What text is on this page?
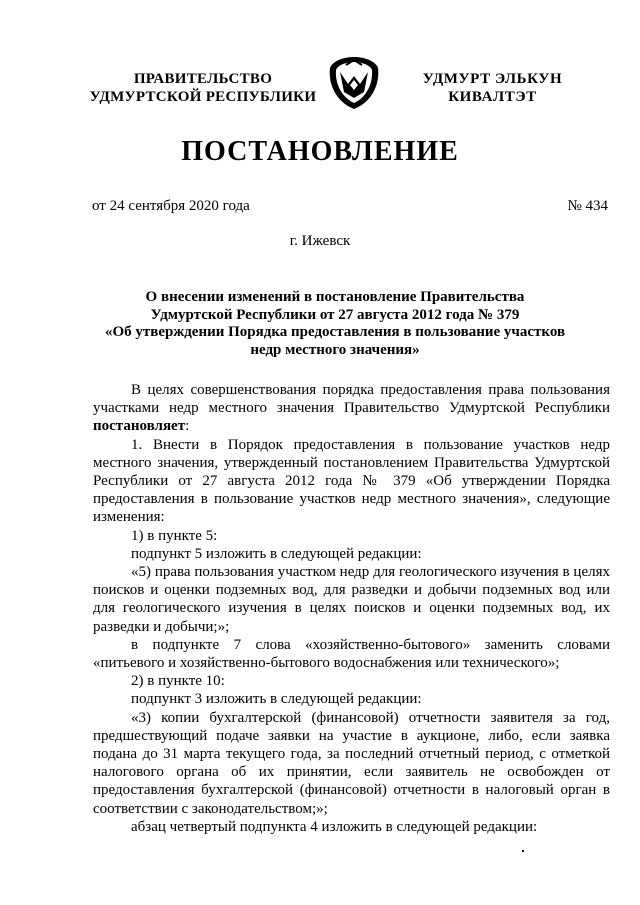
ПРАВИТЕЛЬСТВО
УДМУРТСКОЙ РЕСПУБЛИКИ
УДМУРТ ЭЛЬКУН
КИВАЛТЭТ
ПОСТАНОВЛЕНИЕ
от 24 сентября 2020 года	№ 434
г. Ижевск
О внесении изменений в постановление Правительства
Удмуртской Республики от 27 августа 2012 года № 379
«Об утверждении Порядка предоставления в пользование участков
недр местного значения»

В целях совершенствования порядка предоставления права пользования участками недр местного значения Правительство Удмуртской Республики постановляет:

1. Внести в Порядок предоставления в пользование участков недр местного значения, утвержденный постановлением Правительства Удмуртской Республики от 27 августа 2012 года № 379 «Об утверждении Порядка предоставления в пользование участков недр местного значения», следующие изменения:

1) в пункте 5:

подпункт 5 изложить в следующей редакции:

«5) права пользования участком недр для геологического изучения в целях поисков и оценки подземных вод, для разведки и добычи подземных вод или для геологического изучения в целях поисков и оценки подземных вод, их разведки и добычи;»;

в подпункте 7 слова «хозяйственно-бытового» заменить словами «питьевого и хозяйственно-бытового водоснабжения или технического»;

2) в пункте 10:

подпункт 3 изложить в следующей редакции:

«3) копии бухгалтерской (финансовой) отчетности заявителя за год, предшествующий подаче заявки на участие в аукционе, либо, если заявка подана до 31 марта текущего года, за последний отчетный период, с отметкой налогового органа об их принятии, если заявитель не освобожден от предоставления бухгалтерской (финансовой) отчетности в налоговый орган в соответствии с законодательством;»;

абзац четвертый подпункта 4 изложить в следующей редакции:
